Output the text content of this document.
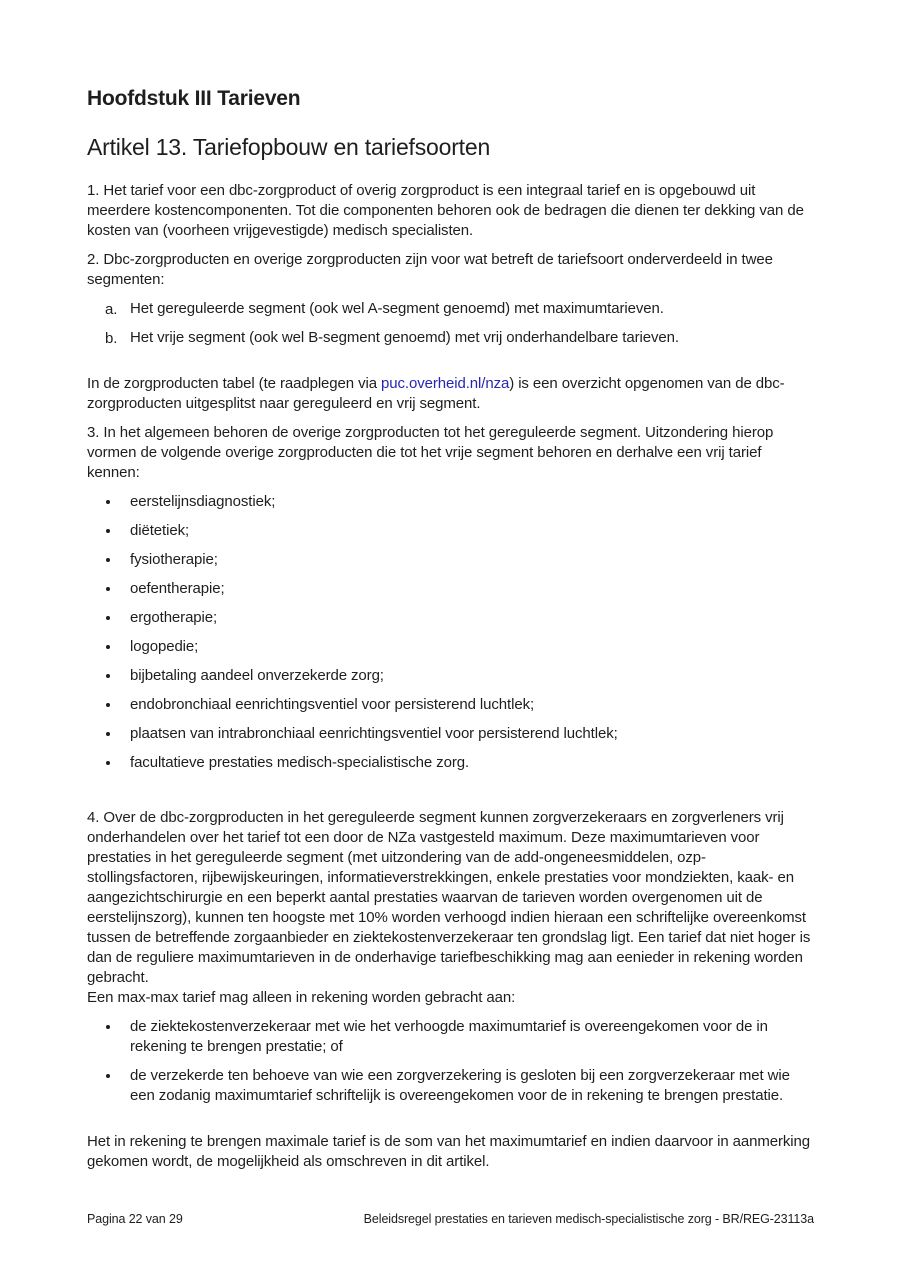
Hoofdstuk III Tarieven
Artikel 13. Tariefopbouw en tariefsoorten

1. Het tarief voor een dbc-zorgproduct of overig zorgproduct is een integraal tarief en is opgebouwd uit meerdere kostencomponenten. Tot die componenten behoren ook de bedragen die dienen ter dekking van de kosten van (voorheen vrijgevestigde) medisch specialisten.

2. Dbc-zorgproducten en overige zorgproducten zijn voor wat betreft de tariefsoort onderverdeeld in twee segmenten:

a. Het gereguleerde segment (ook wel A-segment genoemd) met maximumtarieven.
b. Het vrije segment (ook wel B-segment genoemd) met vrij onderhandelbare tarieven.

In de zorgproducten tabel (te raadplegen via puc.overheid.nl/nza) is een overzicht opgenomen van de dbc-zorgproducten uitgesplitst naar gereguleerd en vrij segment.

3. In het algemeen behoren de overige zorgproducten tot het gereguleerde segment. Uitzondering hierop vormen de volgende overige zorgproducten die tot het vrije segment behoren en derhalve een vrij tarief kennen:

eerstelijnsdiagnostiek;
diëtetiek;
fysiotherapie;
oefentherapie;
ergotherapie;
logopedie;
bijbetaling aandeel onverzekerde zorg;
endobronchiaal eenrichtingsventiel voor persisterend luchtlek;
plaatsen van intrabronchiaal eenrichtingsventiel voor persisterend luchtlek;
facultatieve prestaties medisch-specialistische zorg.

4. Over de dbc-zorgproducten in het gereguleerde segment kunnen zorgverzekeraars en zorgverleners vrij onderhandelen over het tarief tot een door de NZa vastgesteld maximum. Deze maximumtarieven voor prestaties in het gereguleerde segment (met uitzondering van de add-ongeneesmiddelen, ozp-stollingsfactoren, rijbewijskeuringen, informatieverstrekkingen, enkele prestaties voor mondziekten, kaak- en aangezichtschirurgie en een beperkt aantal prestaties waarvan de tarieven worden overgenomen uit de eerstelijnszorg), kunnen ten hoogste met 10% worden verhoogd indien hieraan een schriftelijke overeenkomst tussen de betreffende zorgaanbieder en ziektekostenverzekeraar ten grondslag ligt. Een tarief dat niet hoger is dan de reguliere maximumtarieven in de onderhavige tariefbeschikking mag aan eenieder in rekening worden gebracht.

Een max-max tarief mag alleen in rekening worden gebracht aan:

de ziektekostenverzekeraar met wie het verhoogde maximumtarief is overeengekomen voor de in rekening te brengen prestatie; of
de verzekerde ten behoeve van wie een zorgverzekering is gesloten bij een zorgverzekeraar met wie een zodanig maximumtarief schriftelijk is overeengekomen voor de in rekening te brengen prestatie.

Het in rekening te brengen maximale tarief is de som van het maximumtarief en indien daarvoor in aanmerking gekomen wordt, de mogelijkheid als omschreven in dit artikel.

Pagina 22 van 29	Beleidsregel prestaties en tarieven medisch-specialistische zorg - BR/REG-23113a
